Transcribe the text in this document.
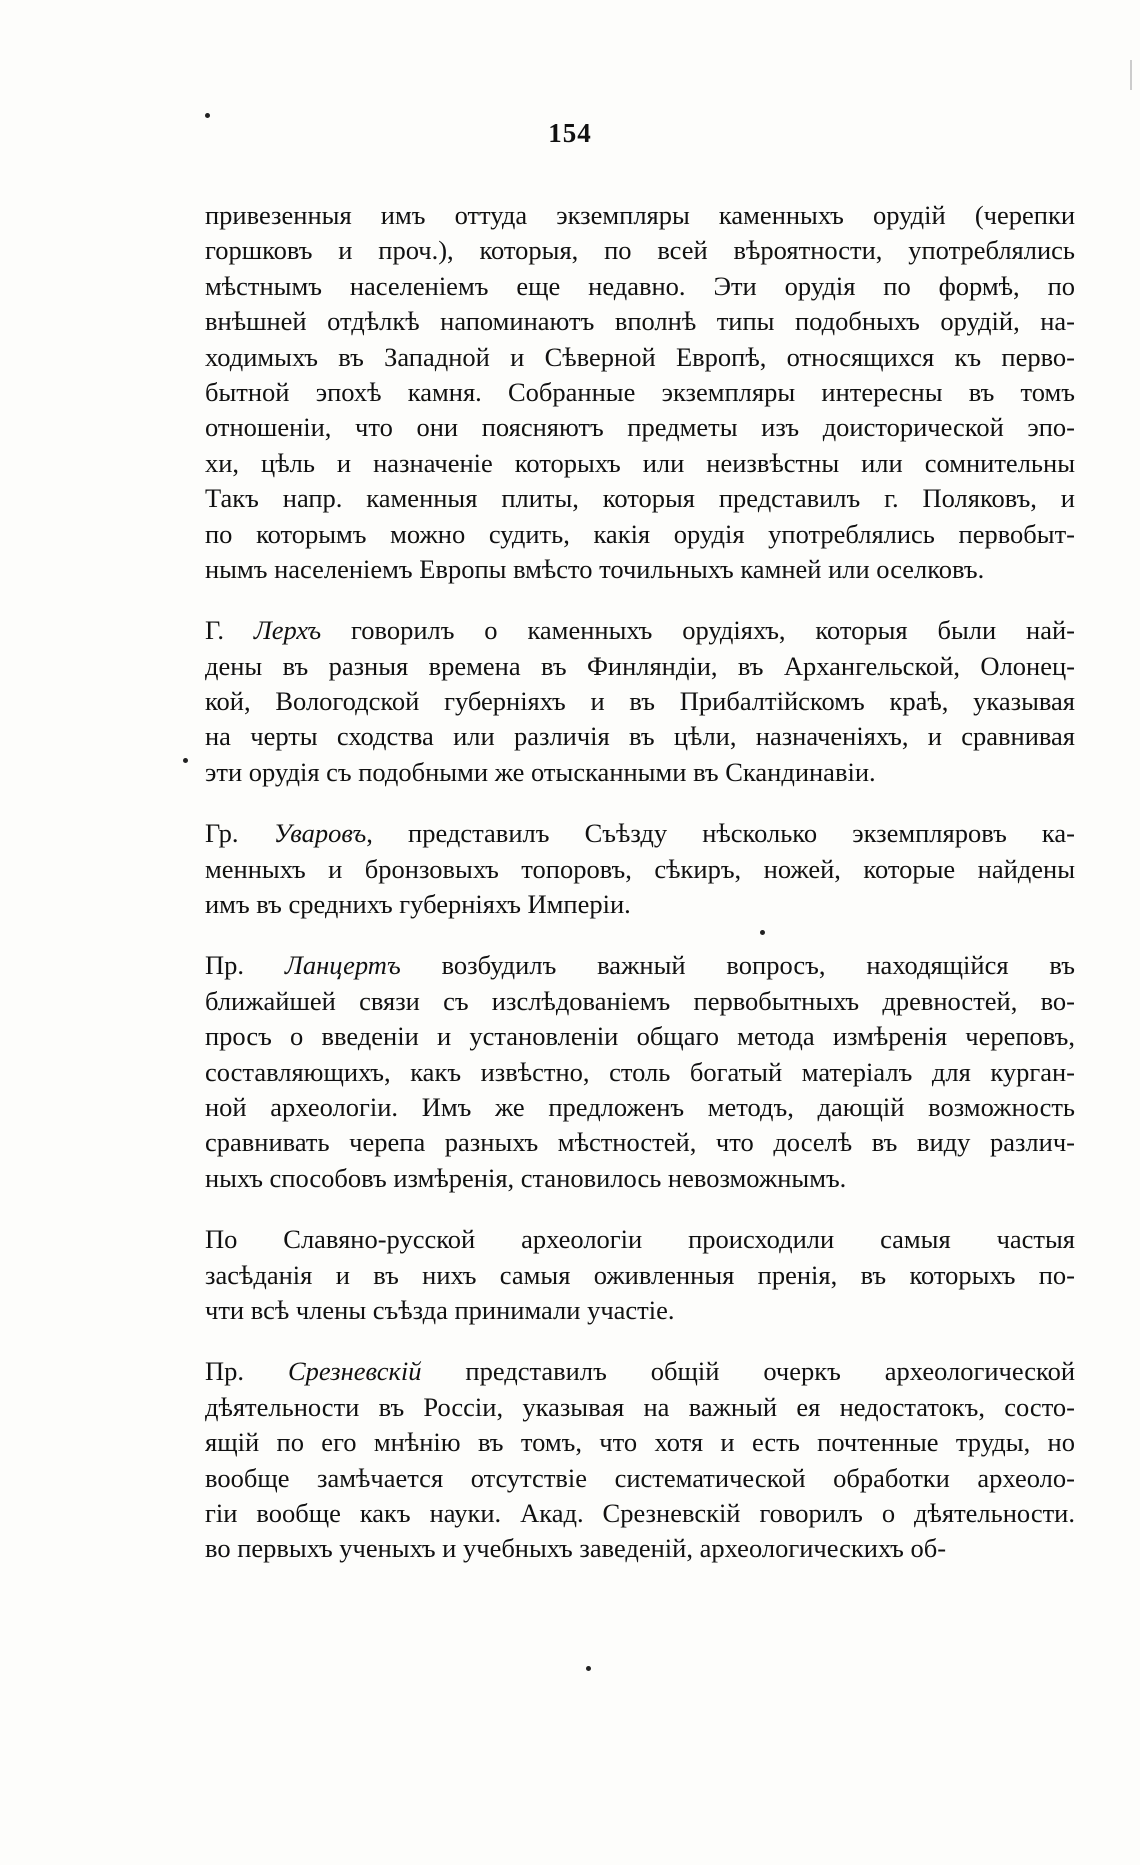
154
привезенныя имъ оттуда экземпляры каменныхъ орудій (черепки
горшковъ и проч.), которыя, по всей вѣроятности, употреблялись
мѣстнымъ населеніемъ еще недавно. Эти орудія по формѣ, по
внѣшней отдѣлкѣ напоминаютъ вполнѣ типы подобныхъ орудій, на-
ходимыхъ въ Западной и Сѣверной Европѣ, относящихся къ перво-
бытной эпохѣ камня. Собранные экземпляры интересны въ томъ
отношеніи, что они поясняютъ предметы изъ доисторической эпо-
хи, цѣль и назначеніе которыхъ или неизвѣстны или сомнительны
Такъ напр. каменныя плиты, которыя представилъ г. Поляковъ, и
по которымъ можно судить, какія орудія употреблялись первобыт-
нымъ населеніемъ Европы вмѣсто точильныхъ камней или оселковъ.
Г. Лерхъ говорилъ о каменныхъ орудіяхъ, которыя были най-
дены въ разныя времена въ Финляндіи, въ Архангельской, Олонец-
кой, Вологодской губерніяхъ и въ Прибалтійскомъ краѣ, указывая
на черты сходства или различія въ цѣли, назначеніяхъ, и сравнивая
эти орудія съ подобными же отысканными въ Скандинавіи.
Гр. Уваровъ, представилъ Съѣзду нѣсколько экземпляровъ ка-
менныхъ и бронзовыхъ топоровъ, сѣкиръ, ножей, которые найдены
имъ въ среднихъ губерніяхъ Имперіи.
Пр. Ланцертъ возбудилъ важный вопросъ, находящійся въ
ближайшей связи съ изслѣдованіемъ первобытныхъ древностей, во-
просъ о введеніи и установленіи общаго метода измѣренія череповъ,
составляющихъ, какъ извѣстно, столь богатый матеріалъ для курган-
ной археологіи. Имъ же предложенъ методъ, дающій возможность
сравнивать черепа разныхъ мѣстностей, что доселѣ въ виду различ-
ныхъ способовъ измѣренія, становилось невозможнымъ.
По Славяно-русской археологіи происходили самыя частыя
засѣданія и въ нихъ самыя оживленныя пренія, въ которыхъ по-
чти всѣ члены съѣзда принимали участіе.
Пр. Срезневскій представилъ общій очеркъ археологической
дѣятельности въ Россіи, указывая на важный ея недостатокъ, состо-
ящій по его мнѣнію въ томъ, что хотя и есть почтенные труды, но
вообще замѣчается отсутствіе систематической обработки археоло-
гіи вообще какъ науки. Акад. Срезневскій говорилъ о дѣятельности.
во первыхъ ученыхъ и учебныхъ заведеній, археологическихъ об-
